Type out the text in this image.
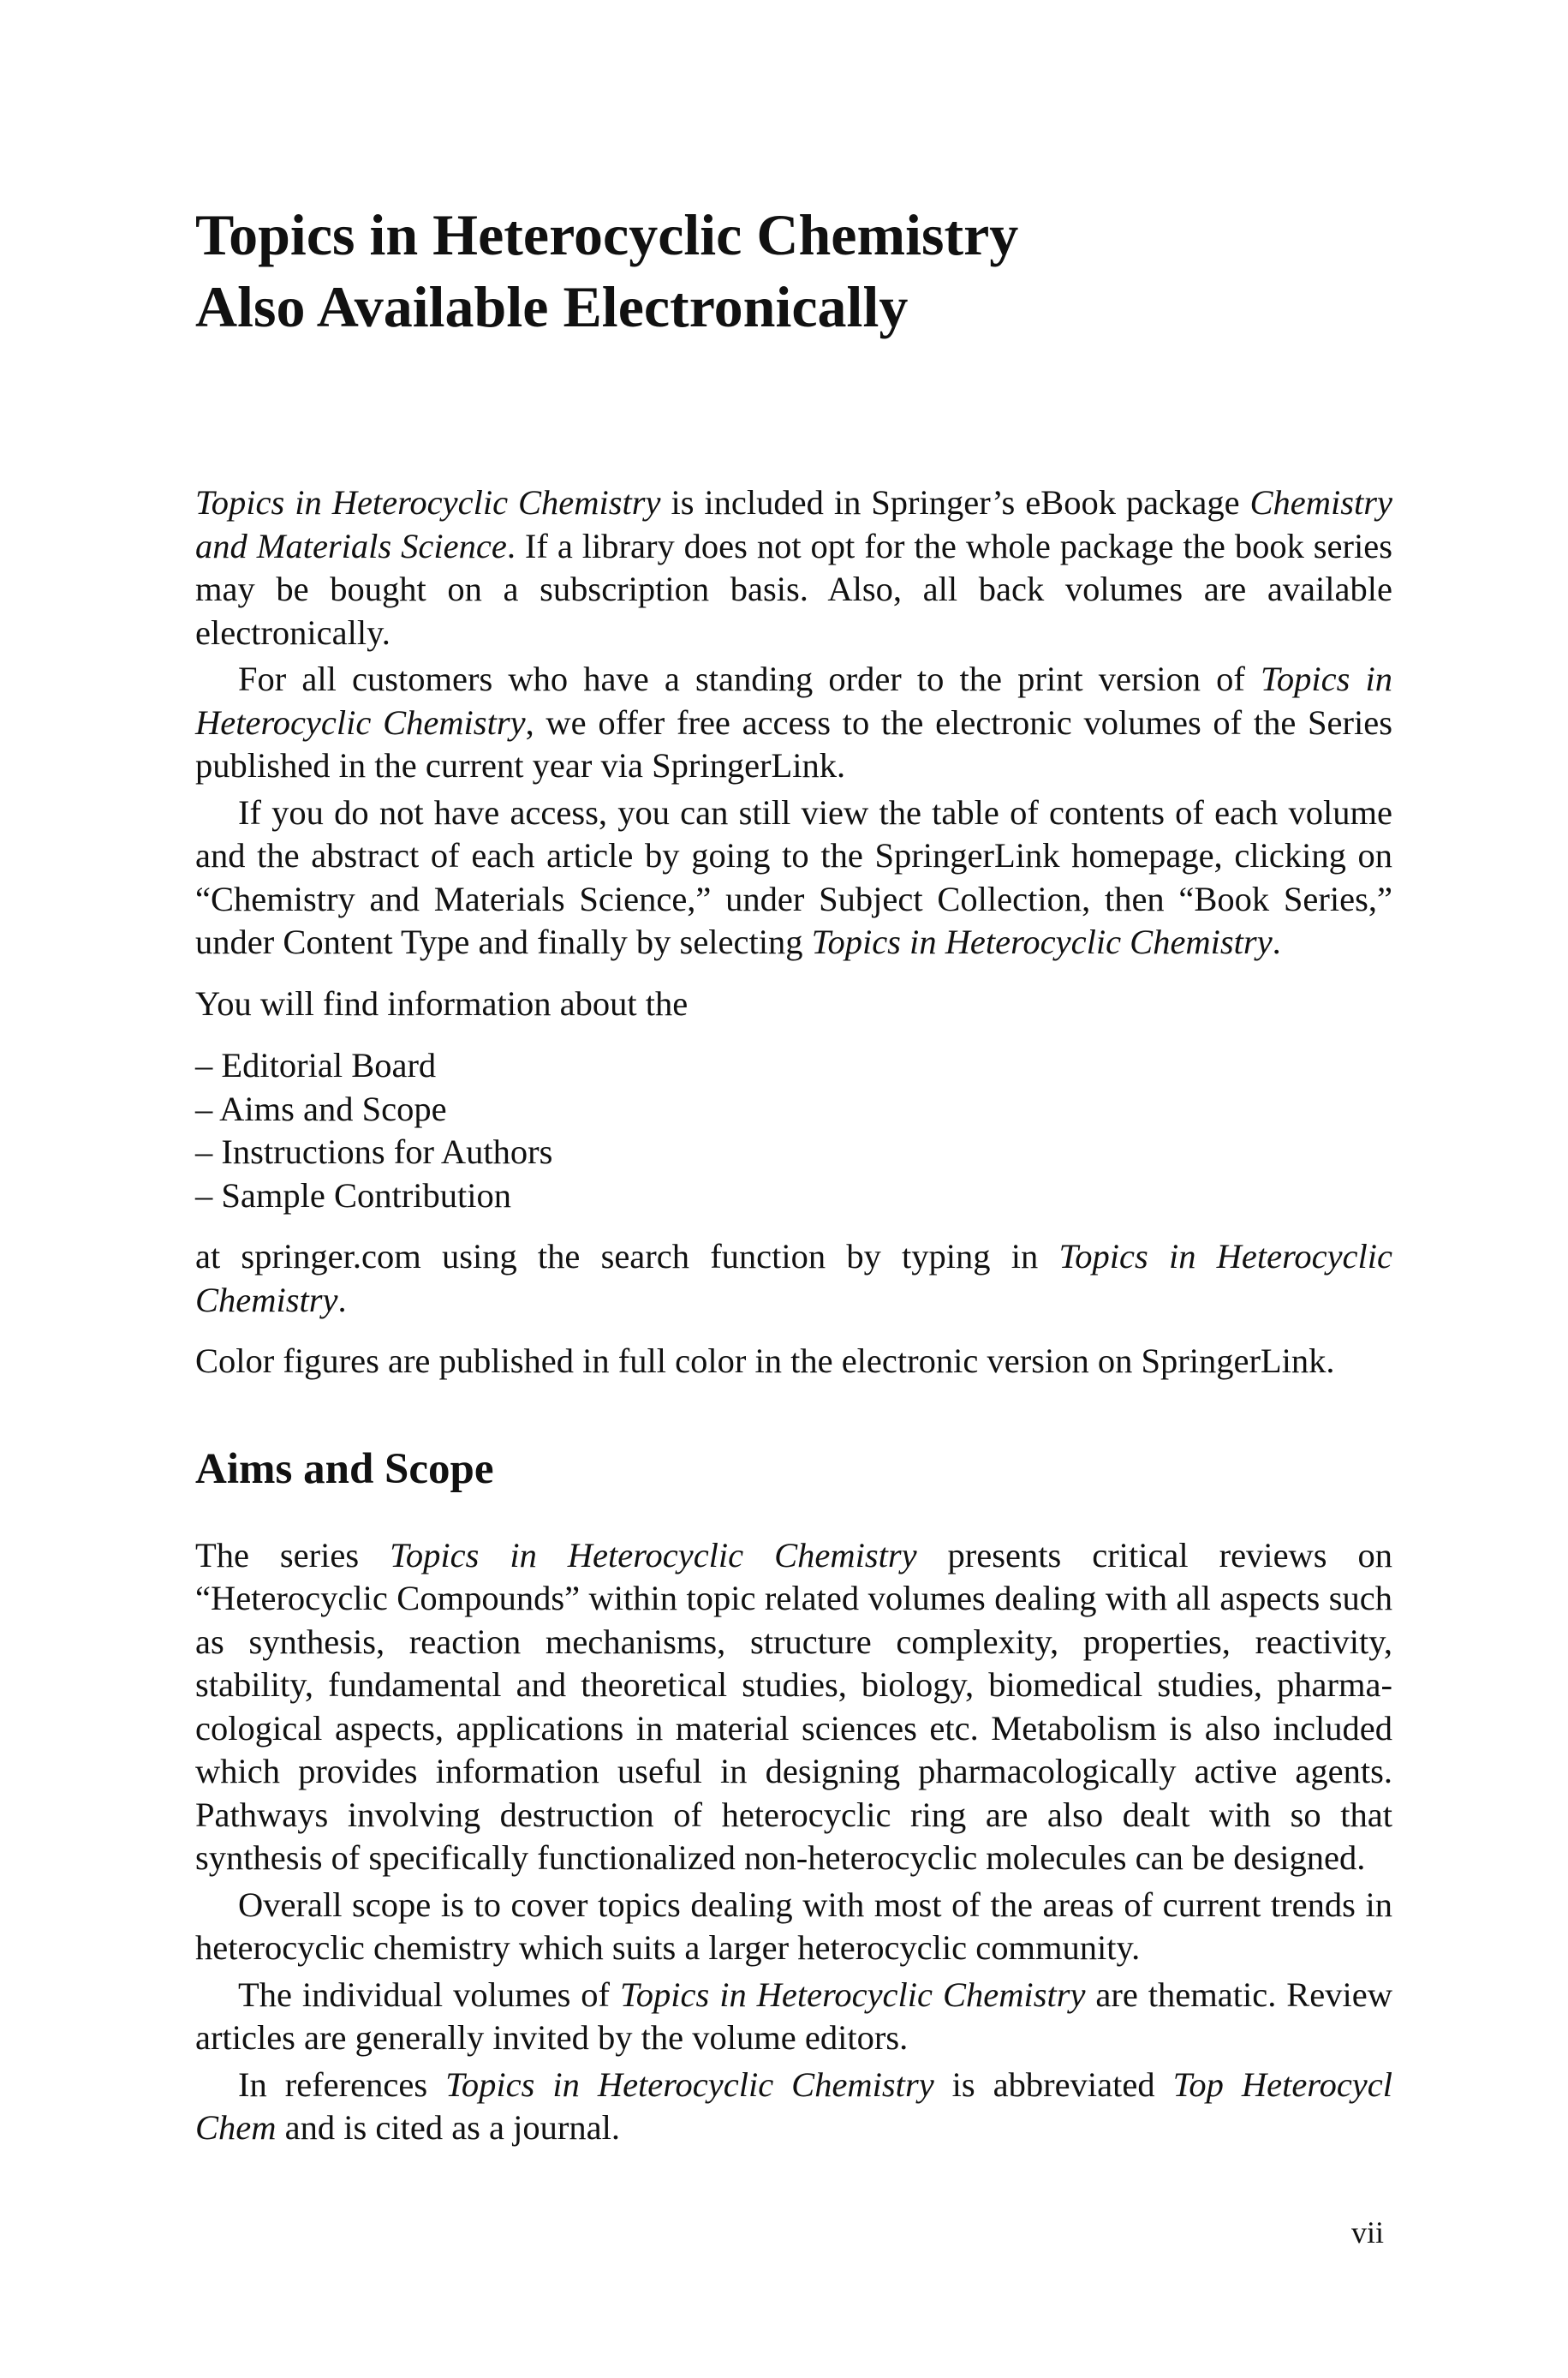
Topics in Heterocyclic Chemistry
Also Available Electronically

Topics in Heterocyclic Chemistry is included in Springer’s eBook package Chemistry and Materials Science. If a library does not opt for the whole package the book series may be bought on a subscription basis. Also, all back volumes are available electronically.

For all customers who have a standing order to the print version of Topics in Heterocyclic Chemistry, we offer free access to the electronic volumes of the Series published in the current year via SpringerLink.

If you do not have access, you can still view the table of contents of each volume and the abstract of each article by going to the SpringerLink homepage, clicking on “Chemistry and Materials Science,” under Subject Collection, then “Book Series,” under Content Type and finally by selecting Topics in Heterocyclic Chemistry.

You will find information about the

– Editorial Board
– Aims and Scope
– Instructions for Authors
– Sample Contribution

at springer.com using the search function by typing in Topics in Heterocyclic Chemistry.

Color figures are published in full color in the electronic version on SpringerLink.

Aims and Scope

The series Topics in Heterocyclic Chemistry presents critical reviews on “Heterocyclic Compounds” within topic related volumes dealing with all aspects such as synthesis, reaction mechanisms, structure complexity, properties, reactivity, stability, fundamental and theoretical studies, biology, biomedical studies, pharmacological aspects, applications in material sciences etc. Metabolism is also included which provides information useful in designing pharmacologically active agents. Pathways involving destruction of heterocyclic ring are also dealt with so that synthesis of specifically functionalized non-heterocyclic molecules can be designed.

Overall scope is to cover topics dealing with most of the areas of current trends in heterocyclic chemistry which suits a larger heterocyclic community.

The individual volumes of Topics in Heterocyclic Chemistry are thematic. Review articles are generally invited by the volume editors.

In references Topics in Heterocyclic Chemistry is abbreviated Top Heterocycl Chem and is cited as a journal.

vii
